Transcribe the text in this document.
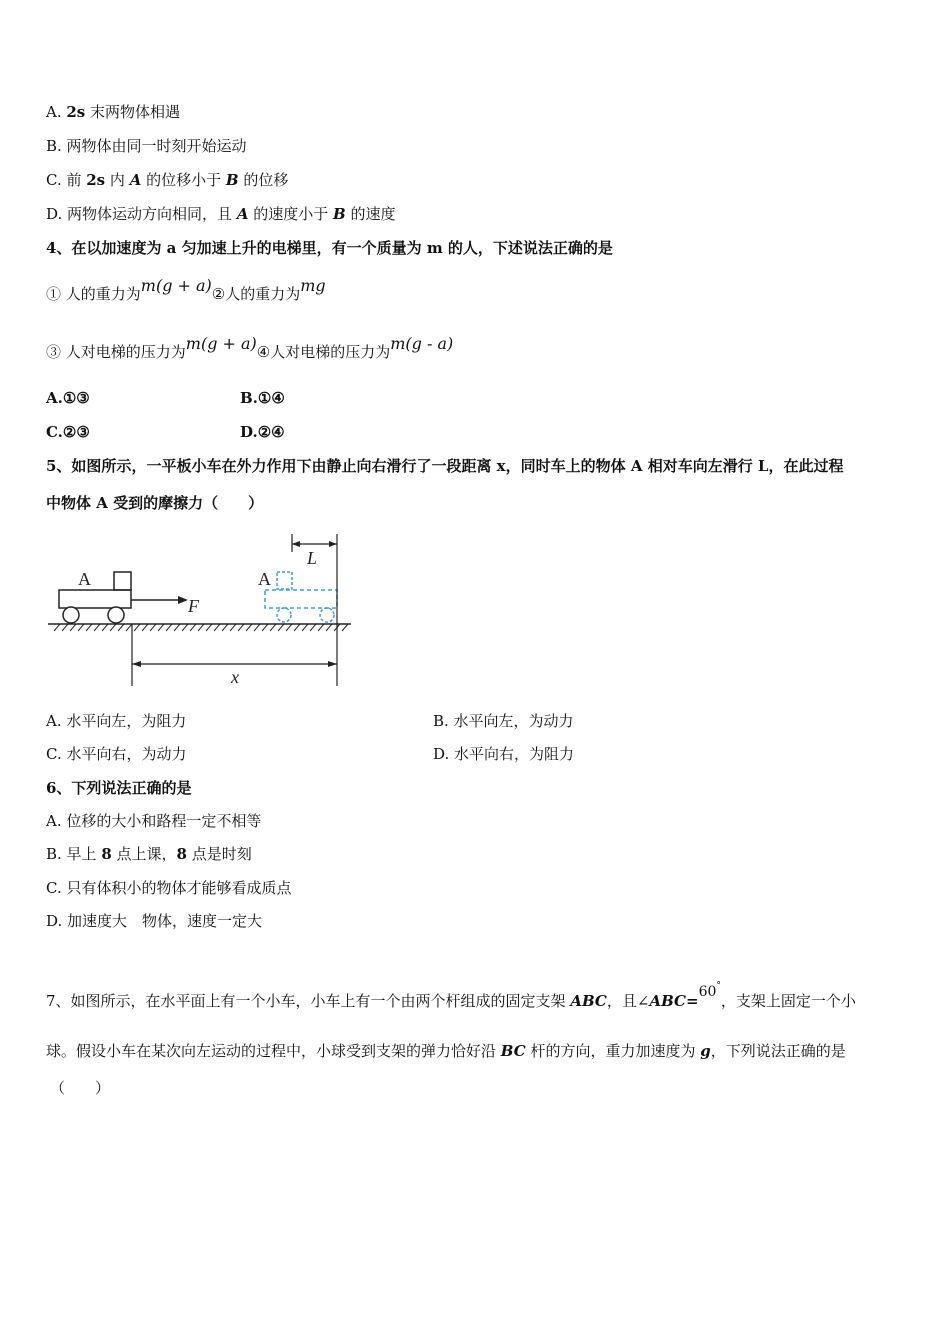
A. 2s 末两物体相遇
B. 两物体由同一时刻开始运动
C. 前 2s 内 A 的位移小于 B 的位移
D. 两物体运动方向相同，且 A 的速度小于 B 的速度
4、在以加速度为 a 匀加速上升的电梯里，有一个质量为 m 的人，下述说法正确的是
① 人的重力为m(g + a)②人的重力为mg
③ 人对电梯的压力为m(g + a)④人对电梯的压力为m(g - a)
A.①③	B.①④
C.②③	D.②④
5、如图所示，一平板小车在外力作用下由静止向右滑行了一段距离 x，同时车上的物体 A 相对车向左滑行 L，在此过程
中物体 A 受到的摩擦力（　　）
A
F
A
L
x
A. 水平向左，为阻力	B. 水平向左，为动力
C. 水平向右，为动力	D. 水平向右，为阻力
6、下列说法正确的是
A. 位移的大小和路程一定不相等
B. 早上 8 点上课，8 点是时刻
C. 只有体积小的物体才能够看成质点
D. 加速度大　物体，速度一定大
7、如图所示，在水平面上有一个小车，小车上有一个由两个杆组成的固定支架 ABC，且∠ABC=60°，支架上固定一个小
球。假设小车在某次向左运动的过程中，小球受到支架的弹力恰好沿 BC 杆的方向，重力加速度为 g，下列说法正确的是
（　　）
